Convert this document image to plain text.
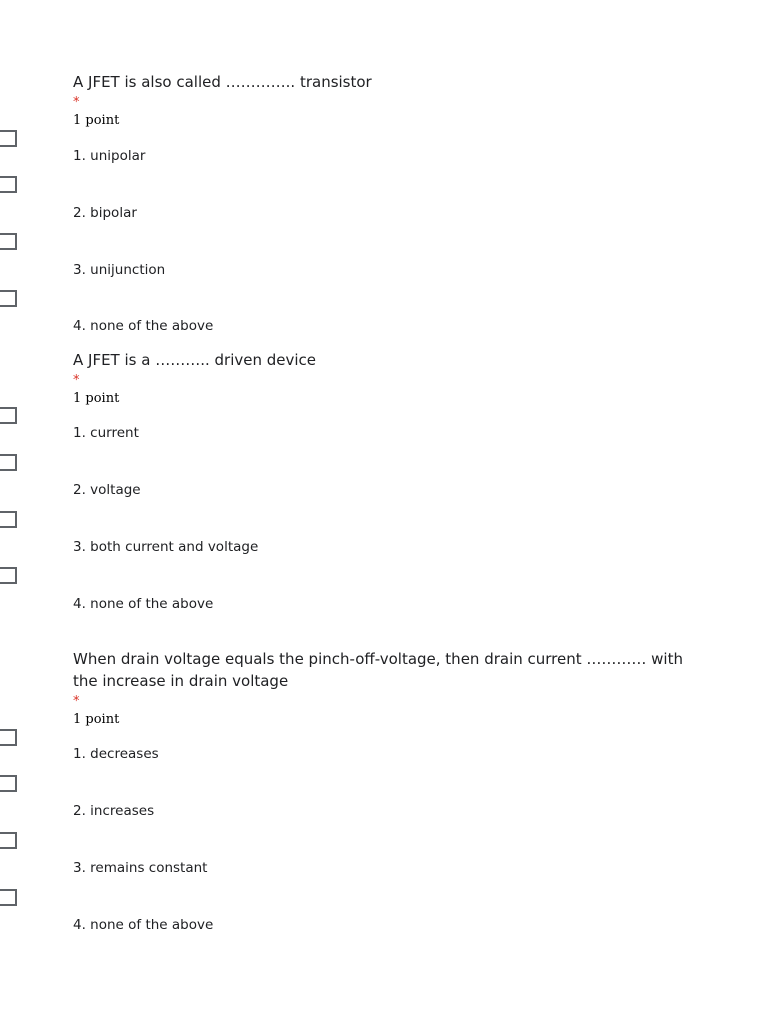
A JFET is also called ………….. transistor
*
1 point
1. unipolar
2. bipolar
3. unijunction
4. none of the above
A JFET is a ……….. driven device
*
1 point
1. current
2. voltage
3. both current and voltage
4. none of the above
When drain voltage equals the pinch-off-voltage, then drain current ………… with the increase in drain voltage
*
1 point
1. decreases
2. increases
3. remains constant
4. none of the above
